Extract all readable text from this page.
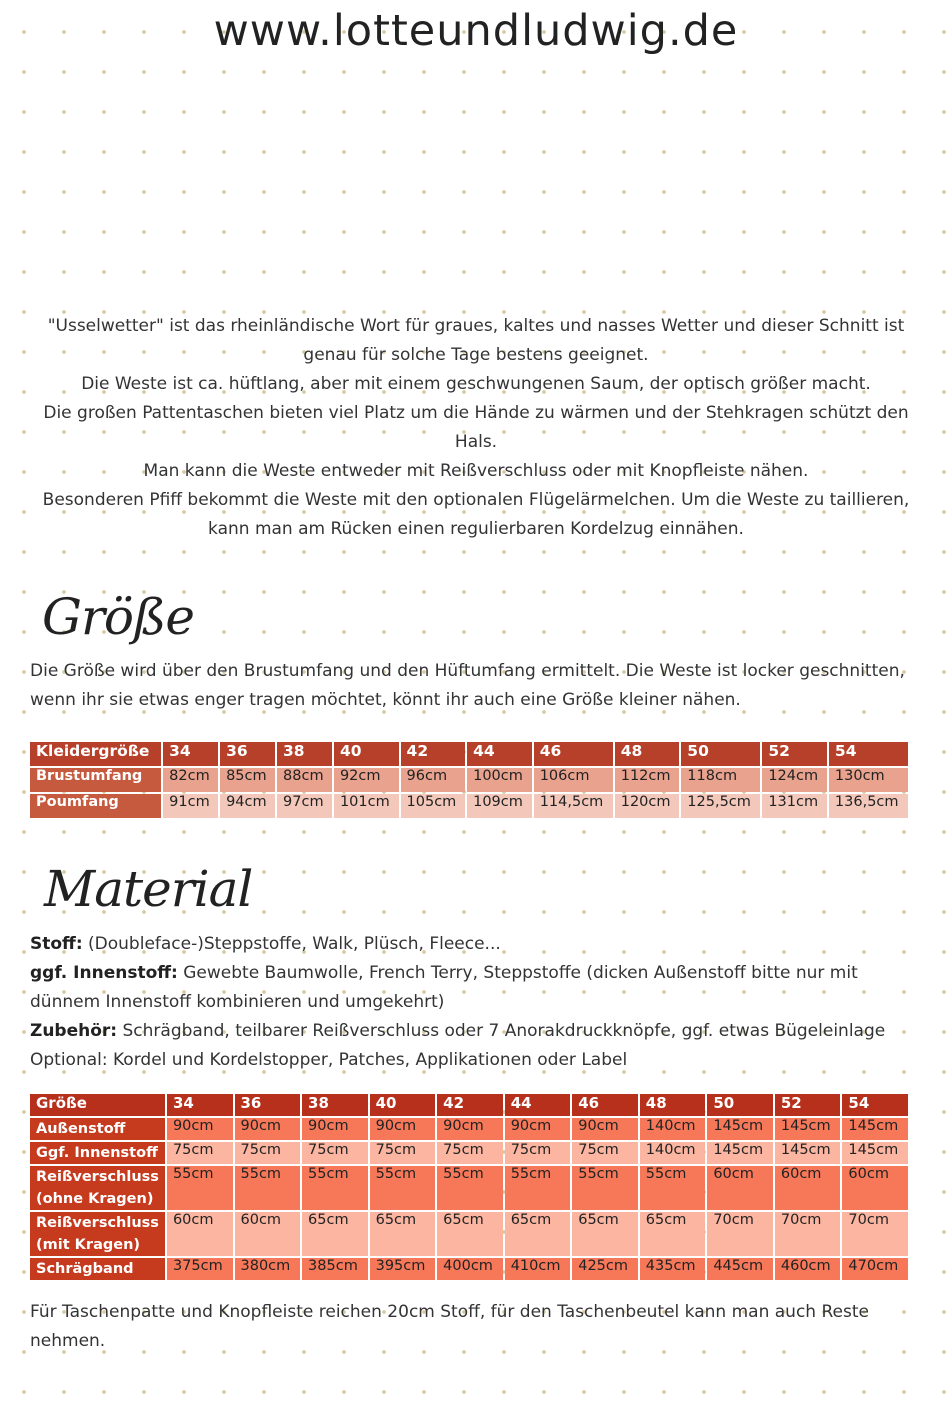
www.lotteundludwig.de

"Usselwetter" ist das rheinländische Wort für graues, kaltes und nasses Wetter und dieser Schnitt ist genau für solche Tage bestens geeignet.

Die Weste ist ca. hüftlang, aber mit einem geschwungenen Saum, der optisch größer macht.

Die großen Pattentaschen bieten viel Platz um die Hände zu wärmen und der Stehkragen schützt den Hals.

Man kann die Weste entweder mit Reißverschluss oder mit Knopfleiste nähen.

Besonderen Pfiff bekommt die Weste mit den optionalen Flügelärmelchen. Um die Weste zu taillieren, kann man am Rücken einen regulierbaren Kordelzug einnähen.

Größe

Die Größe wird über den Brustumfang und den Hüftumfang ermittelt. Die Weste ist locker geschnitten, wenn ihr sie etwas enger tragen möchtet, könnt ihr auch eine Größe kleiner nähen.

Kleidergröße	34	36	38	40	42	44	46	48	50	52	54
Brustumfang	82cm	85cm	88cm	92cm	96cm	100cm	106cm	112cm	118cm	124cm	130cm
Poumfang	91cm	94cm	97cm	101cm	105cm	109cm	114,5cm	120cm	125,5cm	131cm	136,5cm
Material

Stoff: (Doubleface-)Steppstoffe, Walk, Plüsch, Fleece...

ggf. Innenstoff: Gewebte Baumwolle, French Terry, Steppstoffe (dicken Außenstoff bitte nur mit dünnem Innenstoff kombinieren und umgekehrt)

Zubehör: Schrägband, teilbarer Reißverschluss oder 7 Anorakdruckknöpfe, ggf. etwas Bügeleinlage

Optional: Kordel und Kordelstopper, Patches, Applikationen oder Label

Größe	34	36	38	40	42	44	46	48	50	52	54
Außenstoff	90cm	90cm	90cm	90cm	90cm	90cm	90cm	140cm	145cm	145cm	145cm
Ggf. Innenstoff	75cm	75cm	75cm	75cm	75cm	75cm	75cm	140cm	145cm	145cm	145cm
Reißverschluss (ohne Kragen)	55cm	55cm	55cm	55cm	55cm	55cm	55cm	55cm	60cm	60cm	60cm
Reißverschluss (mit Kragen)	60cm	60cm	65cm	65cm	65cm	65cm	65cm	65cm	70cm	70cm	70cm
Schrägband	375cm	380cm	385cm	395cm	400cm	410cm	425cm	435cm	445cm	460cm	470cm

Für Taschenpatte und Knopfleiste reichen 20cm Stoff, für den Taschenbeutel kann man auch Reste nehmen.
